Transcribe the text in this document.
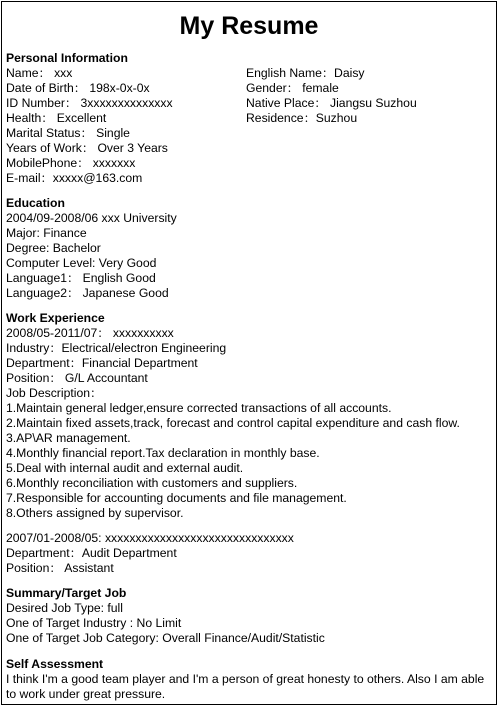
My Resume
Personal Information
Name： xxx
Date of Birth： 198x-0x-0x
ID Number： 3xxxxxxxxxxxxxx
Health： Excellent
Marital Status： Single
Years of Work： Over 3 Years
MobilePhone： xxxxxxx
E-mail：xxxxx@163.com
English Name：Daisy
Gender： female
Native Place： Jiangsu Suzhou
Residence：Suzhou
Education
2004/09-2008/06 xxx University
Major: Finance
Degree: Bachelor
Computer Level: Very Good
Language1： English Good
Language2： Japanese Good
Work Experience
2008/05-2011/07： xxxxxxxxxx
Industry：Electrical/electron Engineering
Department：Financial Department
Position： G/L Accountant
Job Description：
1.Maintain general ledger,ensure corrected transactions of all accounts.
2.Maintain fixed assets,track, forecast and control capital expenditure and cash flow.
3.AP\AR management.
4.Monthly financial report.Tax declaration in monthly base.
5.Deal with internal audit and external audit.
6.Monthly reconciliation with customers and suppliers.
7.Responsible for accounting documents and file management.
8.Others assigned by supervisor.
2007/01-2008/05: xxxxxxxxxxxxxxxxxxxxxxxxxxxxxxx
Department：Audit Department
Position： Assistant
Summary/Target Job
Desired Job Type: full
One of Target Industry : No Limit
One of Target Job Category: Overall Finance/Audit/Statistic
Self Assessment
I think I'm a good team player and I'm a person of great honesty to others. Also I am able
to work under great pressure.
